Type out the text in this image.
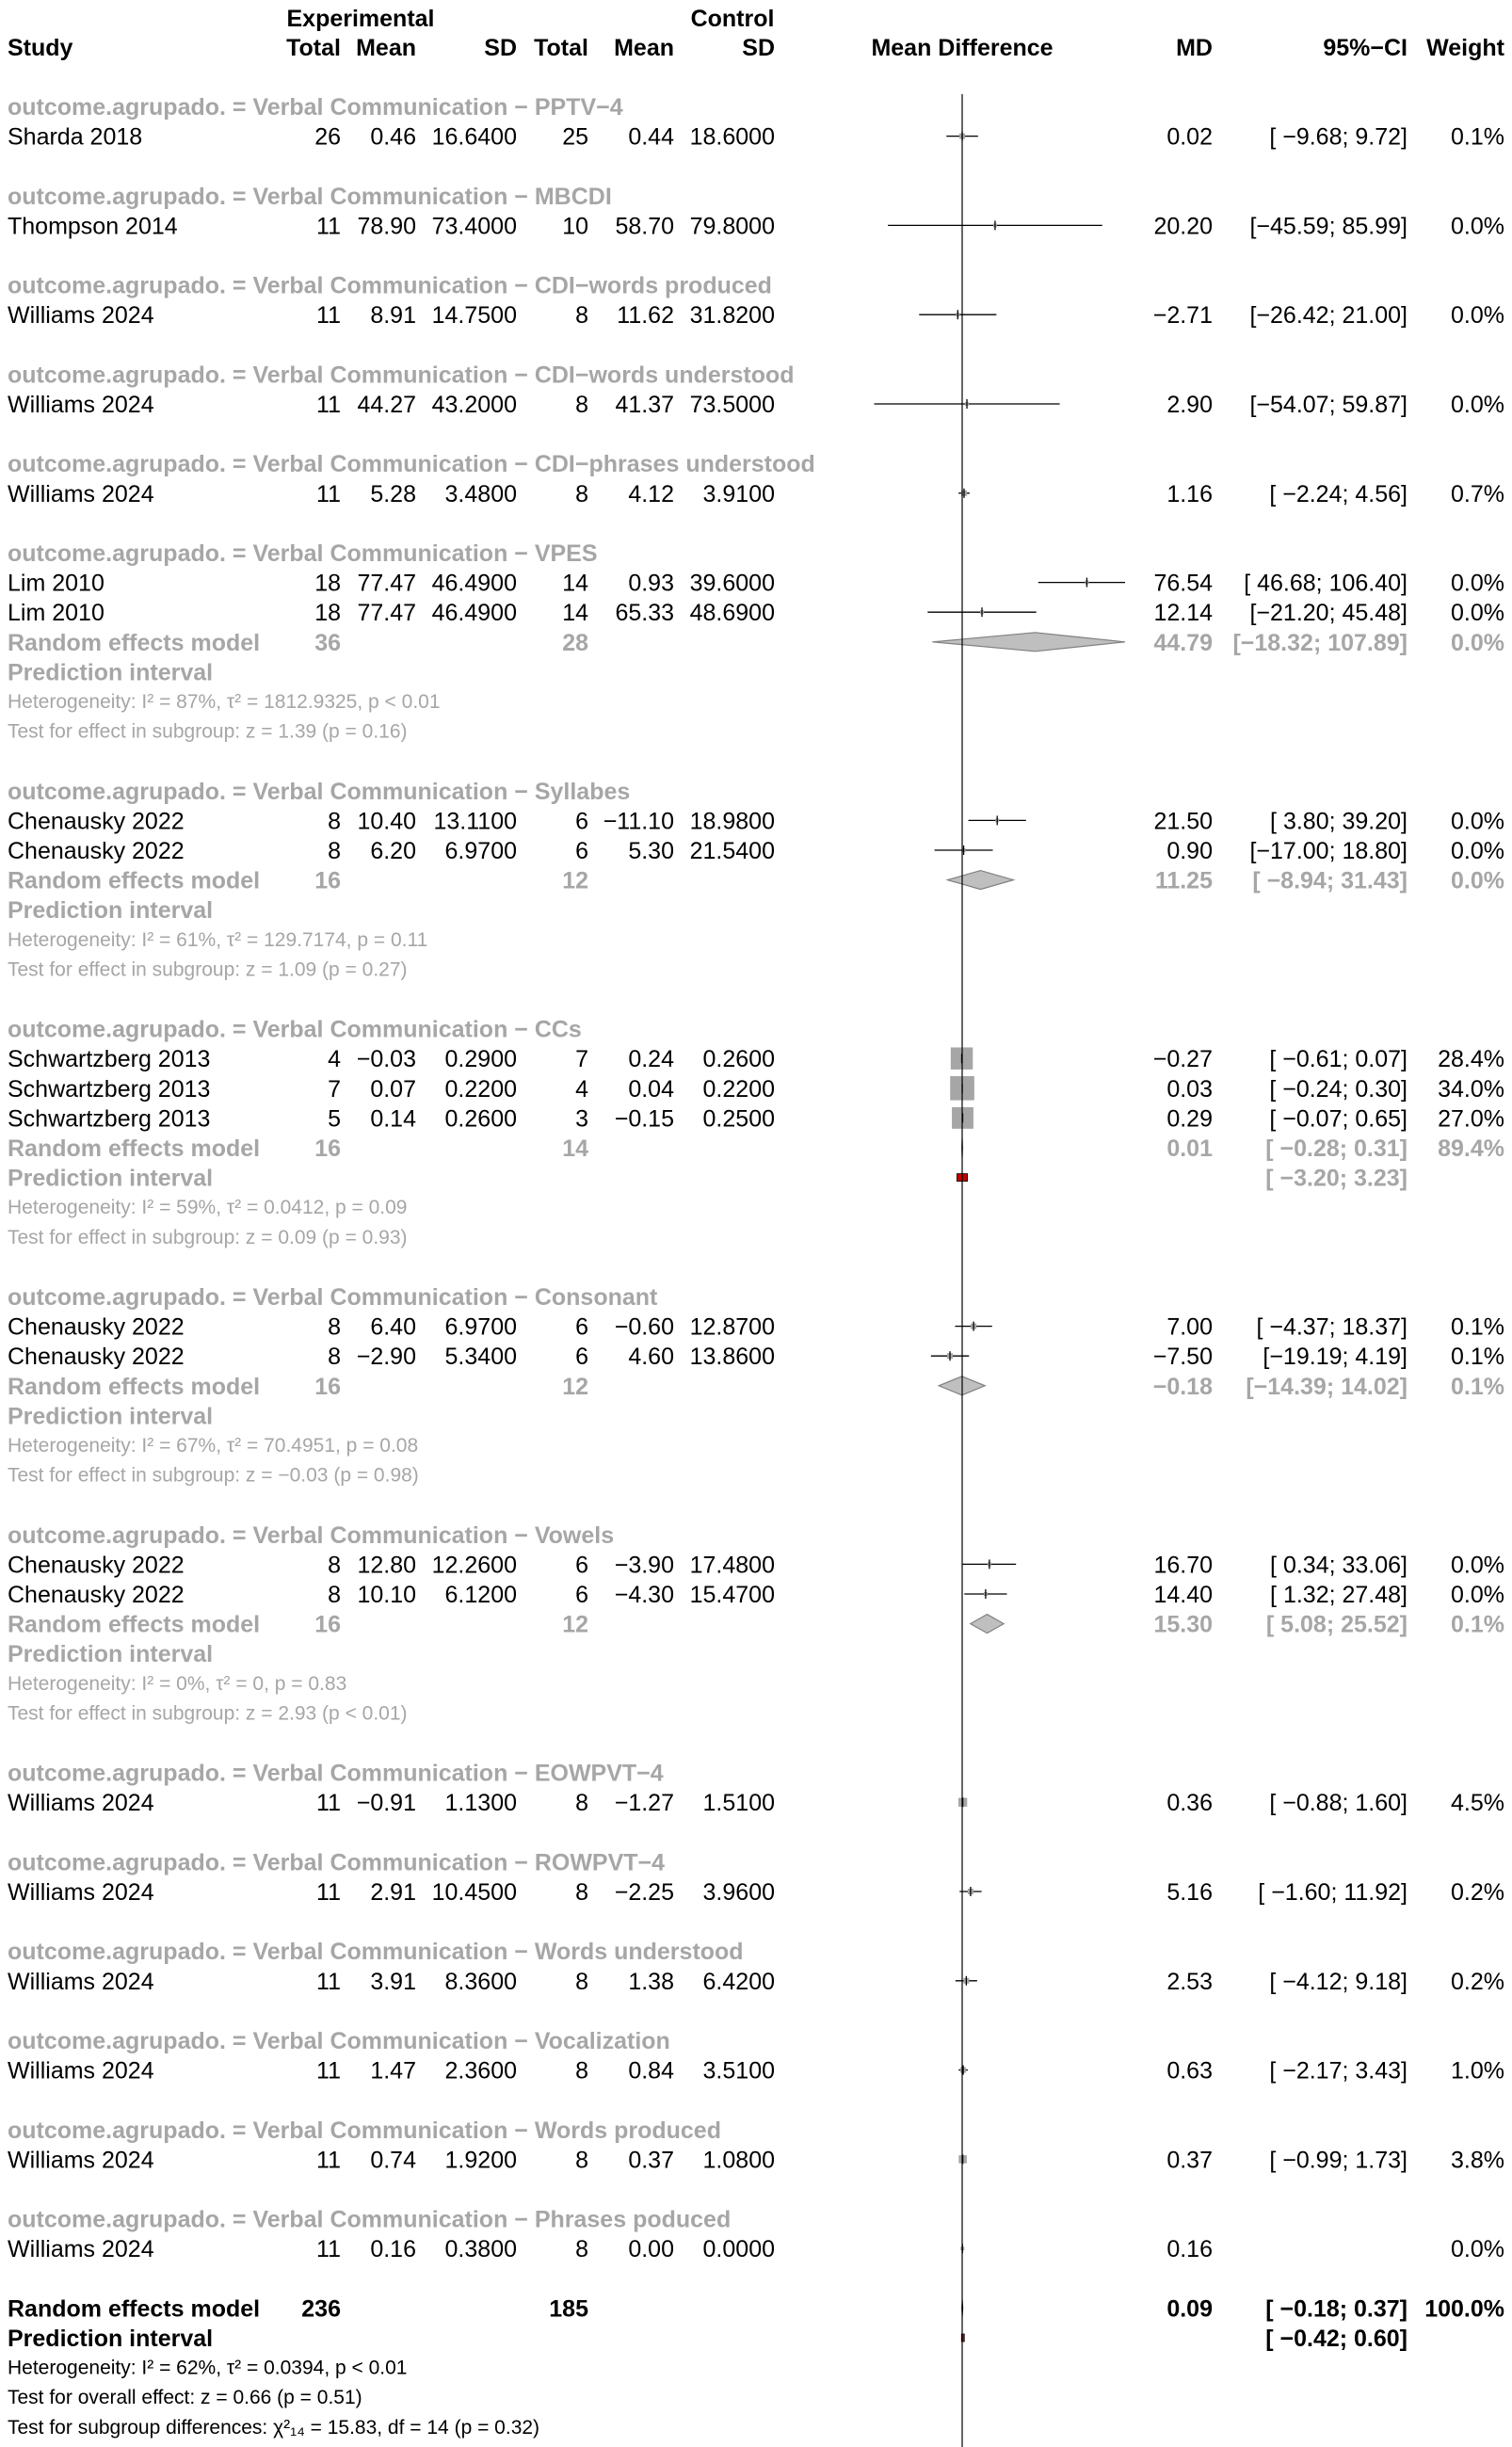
Experimental	Control
Study	Total Mean	SD Total Mean	SD	Mean Difference	MD	95%−CI Weight
outcome.agrupado. = Verbal Communication − PPTV−4
Sharda 2018	26 0.46 16.6400 25 0.44 18.6000	0.02 [ −9.68; 9.72] 0.1%
outcome.agrupado. = Verbal Communication − MBCDI
Thompson 2014	11 78.90 73.4000 10 58.70 79.8000	20.20 [−45.59; 85.99] 0.0%
outcome.agrupado. = Verbal Communication − CDI−words produced
Williams 2024	11 8.91 14.7500 8 11.62 31.8200	−2.71 [−26.42; 21.00] 0.0%
outcome.agrupado. = Verbal Communication − CDI−words understood
Williams 2024	11 44.27 43.2000 8 41.37 73.5000	2.90 [−54.07; 59.87] 0.0%
outcome.agrupado. = Verbal Communication − CDI−phrases understood
Williams 2024	11 5.28 3.4800 8 4.12 3.9100	1.16 [ −2.24; 4.56] 0.7%
outcome.agrupado. = Verbal Communication − VPES
Lim 2010	18 77.47 46.4900 14 0.93 39.6000	76.54 [ 46.68; 106.40] 0.0%
Lim 2010	18 77.47 46.4900 14 65.33 48.6900	12.14 [−21.20; 45.48] 0.0%
Random effects model 36	28	44.79 [−18.32; 107.89] 0.0%
Prediction interval
Heterogeneity: I² = 87%, τ² = 1812.9325, p < 0.01
Test for effect in subgroup: z = 1.39 (p = 0.16)
outcome.agrupado. = Verbal Communication − Syllabes
Chenausky 2022	8 10.40 13.1100 6 −11.10 18.9800	21.50 [ 3.80; 39.20] 0.0%
Chenausky 2022	8 6.20 6.9700 6 5.30 21.5400	0.90 [−17.00; 18.80] 0.0%
Random effects model 16	12	11.25 [ −8.94; 31.43] 0.0%
Prediction interval
Heterogeneity: I² = 61%, τ² = 129.7174, p = 0.11
Test for effect in subgroup: z = 1.09 (p = 0.27)
outcome.agrupado. = Verbal Communication − CCs
Schwartzberg 2013	4 −0.03 0.2900 7 0.24 0.2600	−0.27 [ −0.61; 0.07] 28.4%
Schwartzberg 2013	7 0.07 0.2200 4 0.04 0.2200	0.03 [ −0.24; 0.30] 34.0%
Schwartzberg 2013	5 0.14 0.2600 3 −0.15 0.2500	0.29 [ −0.07; 0.65] 27.0%
Random effects model 16	14	0.01 [ −0.28; 0.31] 89.4%
Prediction interval	[ −3.20; 3.23]
Heterogeneity: I² = 59%, τ² = 0.0412, p = 0.09
Test for effect in subgroup: z = 0.09 (p = 0.93)
outcome.agrupado. = Verbal Communication − Consonant
Chenausky 2022	8 6.40 6.9700 6 −0.60 12.8700	7.00 [ −4.37; 18.37] 0.1%
Chenausky 2022	8 −2.90 5.3400 6 4.60 13.8600	−7.50 [−19.19; 4.19] 0.1%
Random effects model 16	12	−0.18 [−14.39; 14.02] 0.1%
Prediction interval
Heterogeneity: I² = 67%, τ² = 70.4951, p = 0.08
Test for effect in subgroup: z = −0.03 (p = 0.98)
outcome.agrupado. = Verbal Communication − Vowels
Chenausky 2022	8 12.80 12.2600 6 −3.90 17.4800	16.70 [ 0.34; 33.06] 0.0%
Chenausky 2022	8 10.10 6.1200 6 −4.30 15.4700	14.40 [ 1.32; 27.48] 0.0%
Random effects model 16	12	15.30 [ 5.08; 25.52] 0.1%
Prediction interval
Heterogeneity: I² = 0%, τ² = 0, p = 0.83
Test for effect in subgroup: z = 2.93 (p < 0.01)
outcome.agrupado. = Verbal Communication − EOWPVT−4
Williams 2024	11 −0.91 1.1300 8 −1.27 1.5100	0.36 [ −0.88; 1.60] 4.5%
outcome.agrupado. = Verbal Communication − ROWPVT−4
Williams 2024	11 2.91 10.4500 8 −2.25 3.9600	5.16 [ −1.60; 11.92] 0.2%
outcome.agrupado. = Verbal Communication − Words understood
Williams 2024	11 3.91 8.3600 8 1.38 6.4200	2.53 [ −4.12; 9.18] 0.2%
outcome.agrupado. = Verbal Communication − Vocalization
Williams 2024	11 1.47 2.3600 8 0.84 3.5100	0.63 [ −2.17; 3.43] 1.0%
outcome.agrupado. = Verbal Communication − Words produced
Williams 2024	11 0.74 1.9200 8 0.37 1.0800	0.37 [ −0.99; 1.73] 3.8%
outcome.agrupado. = Verbal Communication − Phrases poduced
Williams 2024	11 0.16 0.3800 8 0.00 0.0000	0.16	0.0%
Random effects model 236	185	0.09 [ −0.18; 0.37] 100.0%
Prediction interval	[ −0.42; 0.60]
Heterogeneity: I² = 62%, τ² = 0.0394, p < 0.01
Test for overall effect: z = 0.66 (p = 0.51)
Test for subgroup differences: χ²₁₄ = 15.83, df = 14 (p = 0.32)
